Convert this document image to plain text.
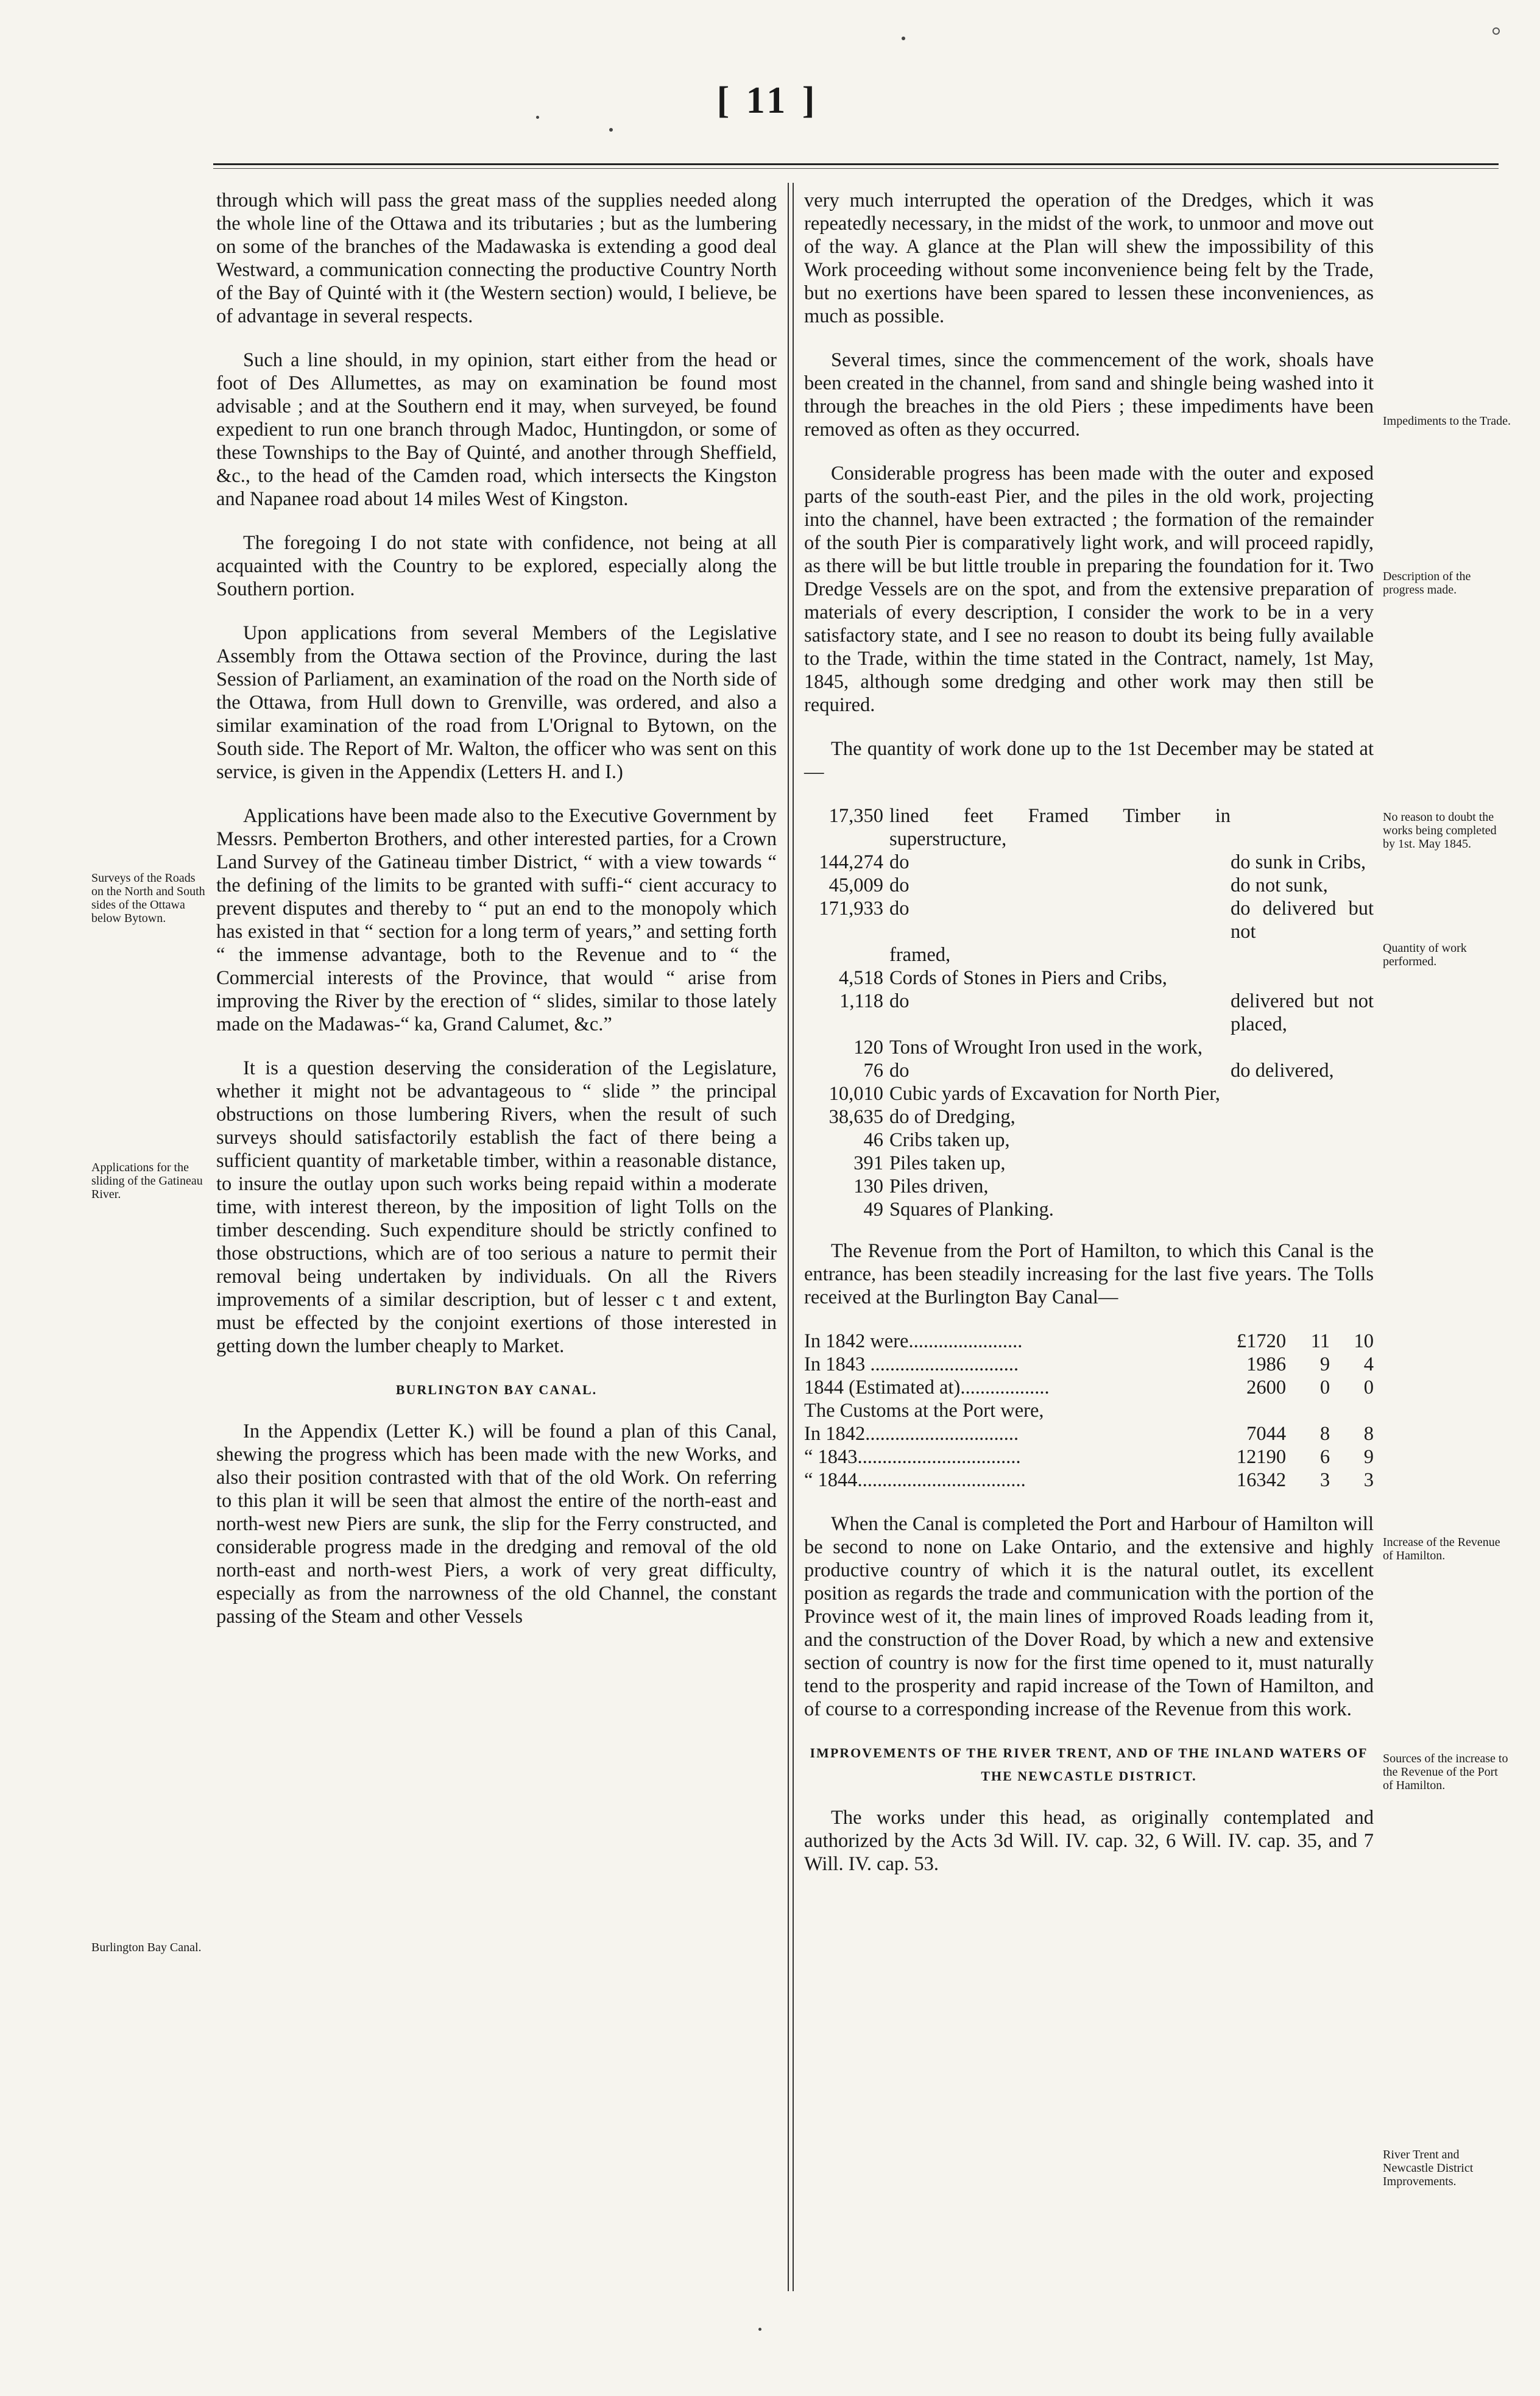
[ 11 ]

through which will pass the great mass of the supplies needed along the whole line of the Ottawa and its tributaries ; but as the lumbering on some of the branches of the Madawaska is extending a good deal Westward, a communication connecting the productive Country North of the Bay of Quinté with it (the Western section) would, I believe, be of advantage in several respects.

Such a line should, in my opinion, start either from the head or foot of Des Allumettes, as may on examination be found most advisable ; and at the Southern end it may, when surveyed, be found expedient to run one branch through Madoc, Huntingdon, or some of these Townships to the Bay of Quinté, and another through Sheffield, &c., to the head of the Camden road, which intersects the Kingston and Napanee road about 14 miles West of Kingston.

The foregoing I do not state with confidence, not being at all acquainted with the Country to be explored, especially along the Southern portion.

Upon applications from several Members of the Legislative Assembly from the Ottawa section of the Province, during the last Session of Parliament, an examination of the road on the North side of the Ottawa, from Hull down to Grenville, was ordered, and also a similar examination of the road from L'Orignal to Bytown, on the South side. The Report of Mr. Walton, the officer who was sent on this service, is given in the Appendix (Letters H. and I.)

Applications have been made also to the Executive Government by Messrs. Pemberton Brothers, and other interested parties, for a Crown Land Survey of the Gatineau timber District, “ with a view towards “ the defining of the limits to be granted with suffi-“ cient accuracy to prevent disputes and thereby to “ put an end to the monopoly which has existed in that “ section for a long term of years,” and setting forth “ the immense advantage, both to the Revenue and to “ the Commercial interests of the Province, that would “ arise from improving the River by the erection of “ slides, similar to those lately made on the Madawas-“ ka, Grand Calumet, &c.”

It is a question deserving the consideration of the Legislature, whether it might not be advantageous to “ slide ” the principal obstructions on those lumbering Rivers, when the result of such surveys should satisfactorily establish the fact of there being a sufficient quantity of marketable timber, within a reasonable distance, to insure the outlay upon such works being repaid within a moderate time, with interest thereon, by the imposition of light Tolls on the timber descending. Such expenditure should be strictly confined to those obstructions, which are of too serious a nature to permit their removal being undertaken by individuals. On all the Rivers improvements of a similar description, but of lesser c t and extent, must be effected by the conjoint exertions of those interested in getting down the lumber cheaply to Market.

BURLINGTON BAY CANAL.

In the Appendix (Letter K.) will be found a plan of this Canal, shewing the progress which has been made with the new Works, and also their position contrasted with that of the old Work. On referring to this plan it will be seen that almost the entire of the north-east and north-west new Piers are sunk, the slip for the Ferry constructed, and considerable progress made in the dredging and removal of the old north-east and north-west Piers, a work of very great difficulty, especially as from the narrowness of the old Channel, the constant passing of the Steam and other Vessels

very much interrupted the operation of the Dredges, which it was repeatedly necessary, in the midst of the work, to unmoor and move out of the way. A glance at the Plan will shew the impossibility of this Work proceeding without some inconvenience being felt by the Trade, but no exertions have been spared to lessen these inconveniences, as much as possible.

Several times, since the commencement of the work, shoals have been created in the channel, from sand and shingle being washed into it through the breaches in the old Piers ; these impediments have been removed as often as they occurred.

Considerable progress has been made with the outer and exposed parts of the south-east Pier, and the piles in the old work, projecting into the channel, have been extracted ; the formation of the remainder of the south Pier is comparatively light work, and will proceed rapidly, as there will be but little trouble in preparing the foundation for it. Two Dredge Vessels are on the spot, and from the extensive preparation of materials of every description, I consider the work to be in a very satisfactory state, and I see no reason to doubt its being fully available to the Trade, within the time stated in the Contract, namely, 1st May, 1845, although some dredging and other work may then still be required.

The quantity of work done up to the 1st December may be stated at—

17,350	lined feet Framed Timber in superstructure,	
144,274	do	do sunk in Cribs,
45,009	do	do not sunk,
171,933	do	do delivered but not
	framed,	
4,518	Cords of Stones in Piers and Cribs,	
1,118	do	delivered but not placed,
120	Tons of Wrought Iron used in the work,	
76	do	do delivered,
10,010	Cubic yards of Excavation for North Pier,	
38,635	do of Dredging,	
46	Cribs taken up,	
391	Piles taken up,	
130	Piles driven,	
49	Squares of Planking.	

The Revenue from the Port of Hamilton, to which this Canal is the entrance, has been steadily increasing for the last five years. The Tolls received at the Burlington Bay Canal—

In 1842 were.......................	£1720	11	10
In 1843 ..............................	1986	9	4
1844 (Estimated at)..................	2600	0	0
The Customs at the Port were,			
In 1842...............................	7044	8	8
“ 1843.................................	12190	6	9
“ 1844..................................	16342	3	3

When the Canal is completed the Port and Harbour of Hamilton will be second to none on Lake Ontario, and the extensive and highly productive country of which it is the natural outlet, its excellent position as regards the trade and communication with the portion of the Province west of it, the main lines of improved Roads leading from it, and the construction of the Dover Road, by which a new and extensive section of country is now for the first time opened to it, must naturally tend to the prosperity and rapid increase of the Town of Hamilton, and of course to a corresponding increase of the Revenue from this work.

IMPROVEMENTS OF THE RIVER TRENT, AND OF THE INLAND WATERS OF THE NEWCASTLE DISTRICT.

The works under this head, as originally contemplated and authorized by the Acts 3d Will. IV. cap. 32, 6 Will. IV. cap. 35, and 7 Will. IV. cap. 53.

Surveys of the Roads on the North and South sides of the Ottawa below Bytown.
Applications for the sliding of the Gatineau River.
Burlington Bay Canal.
Impediments to the Trade.
Description of the progress made.
No reason to doubt the works being completed by 1st. May 1845.
Quantity of work performed.
Increase of the Revenue of Hamilton.
Sources of the increase to the Revenue of the Port of Hamilton.
River Trent and Newcastle District Improvements.
